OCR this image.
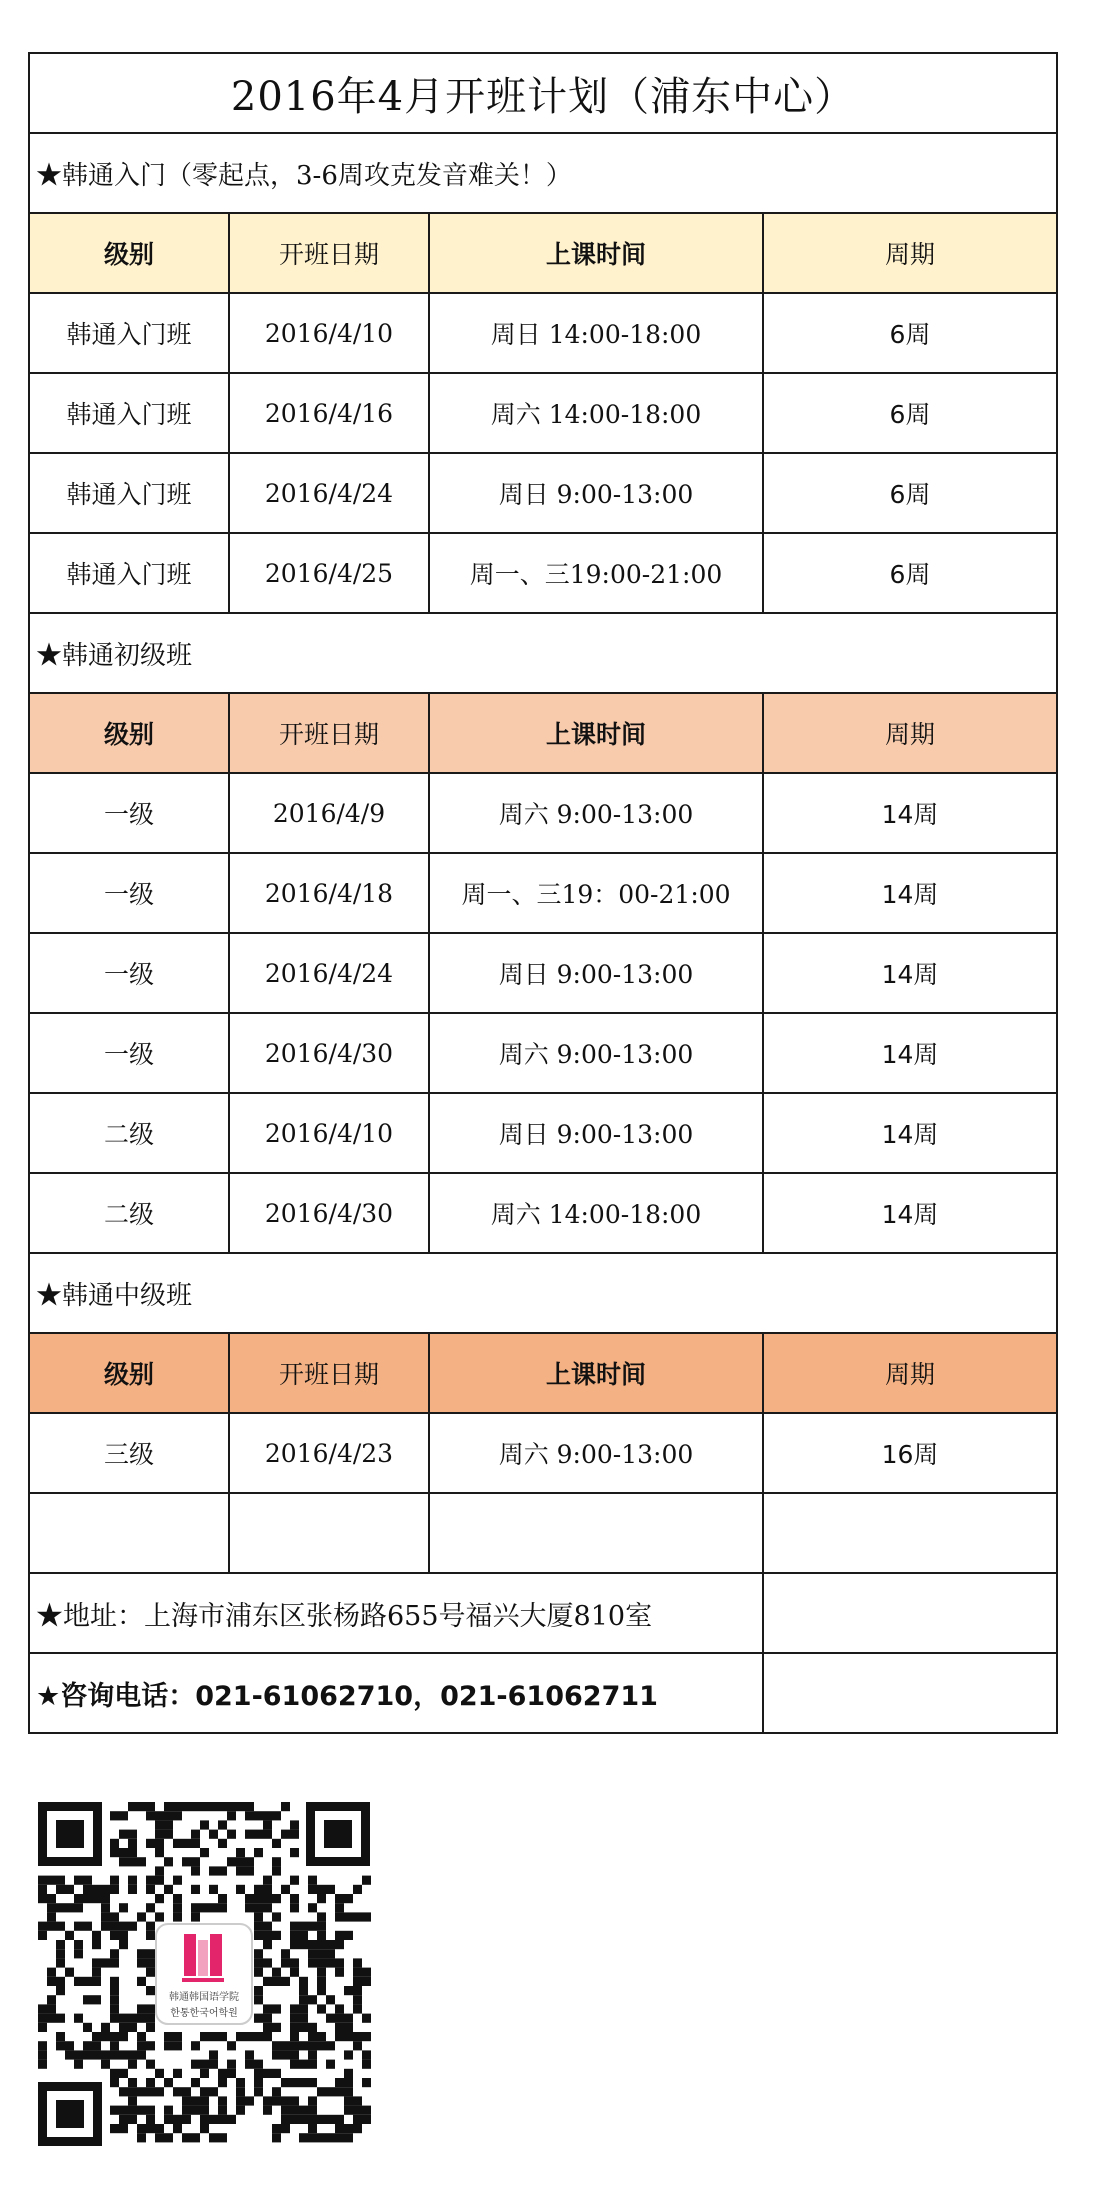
2016年4月开班计划（浦东中心）			
★韩通入门（零起点，3-6周攻克发音难关！）			
级别	开班日期	上课时间	周期
韩通入门班	2016/4/10	周日 14:00-18:00	6周
韩通入门班	2016/4/16	周六 14:00-18:00	6周
韩通入门班	2016/4/24	周日 9:00-13:00	6周
韩通入门班	2016/4/25	周一、三19:00-21:00	6周
★韩通初级班			
级别	开班日期	上课时间	周期
一级	2016/4/9	周六 9:00-13:00	14周
一级	2016/4/18	周一、三19：00-21:00	14周
一级	2016/4/24	周日 9:00-13:00	14周
一级	2016/4/30	周六 9:00-13:00	14周
二级	2016/4/10	周日 9:00-13:00	14周
二级	2016/4/30	周六 14:00-18:00	14周
★韩通中级班			
级别	开班日期	上课时间	周期
三级	2016/4/23	周六 9:00-13:00	16周

★地址：上海市浦东区张杨路655号福兴大厦810室			
★咨询电话：021-61062710，021-61062711			
韩通韩国语学院
한통한국어학원
